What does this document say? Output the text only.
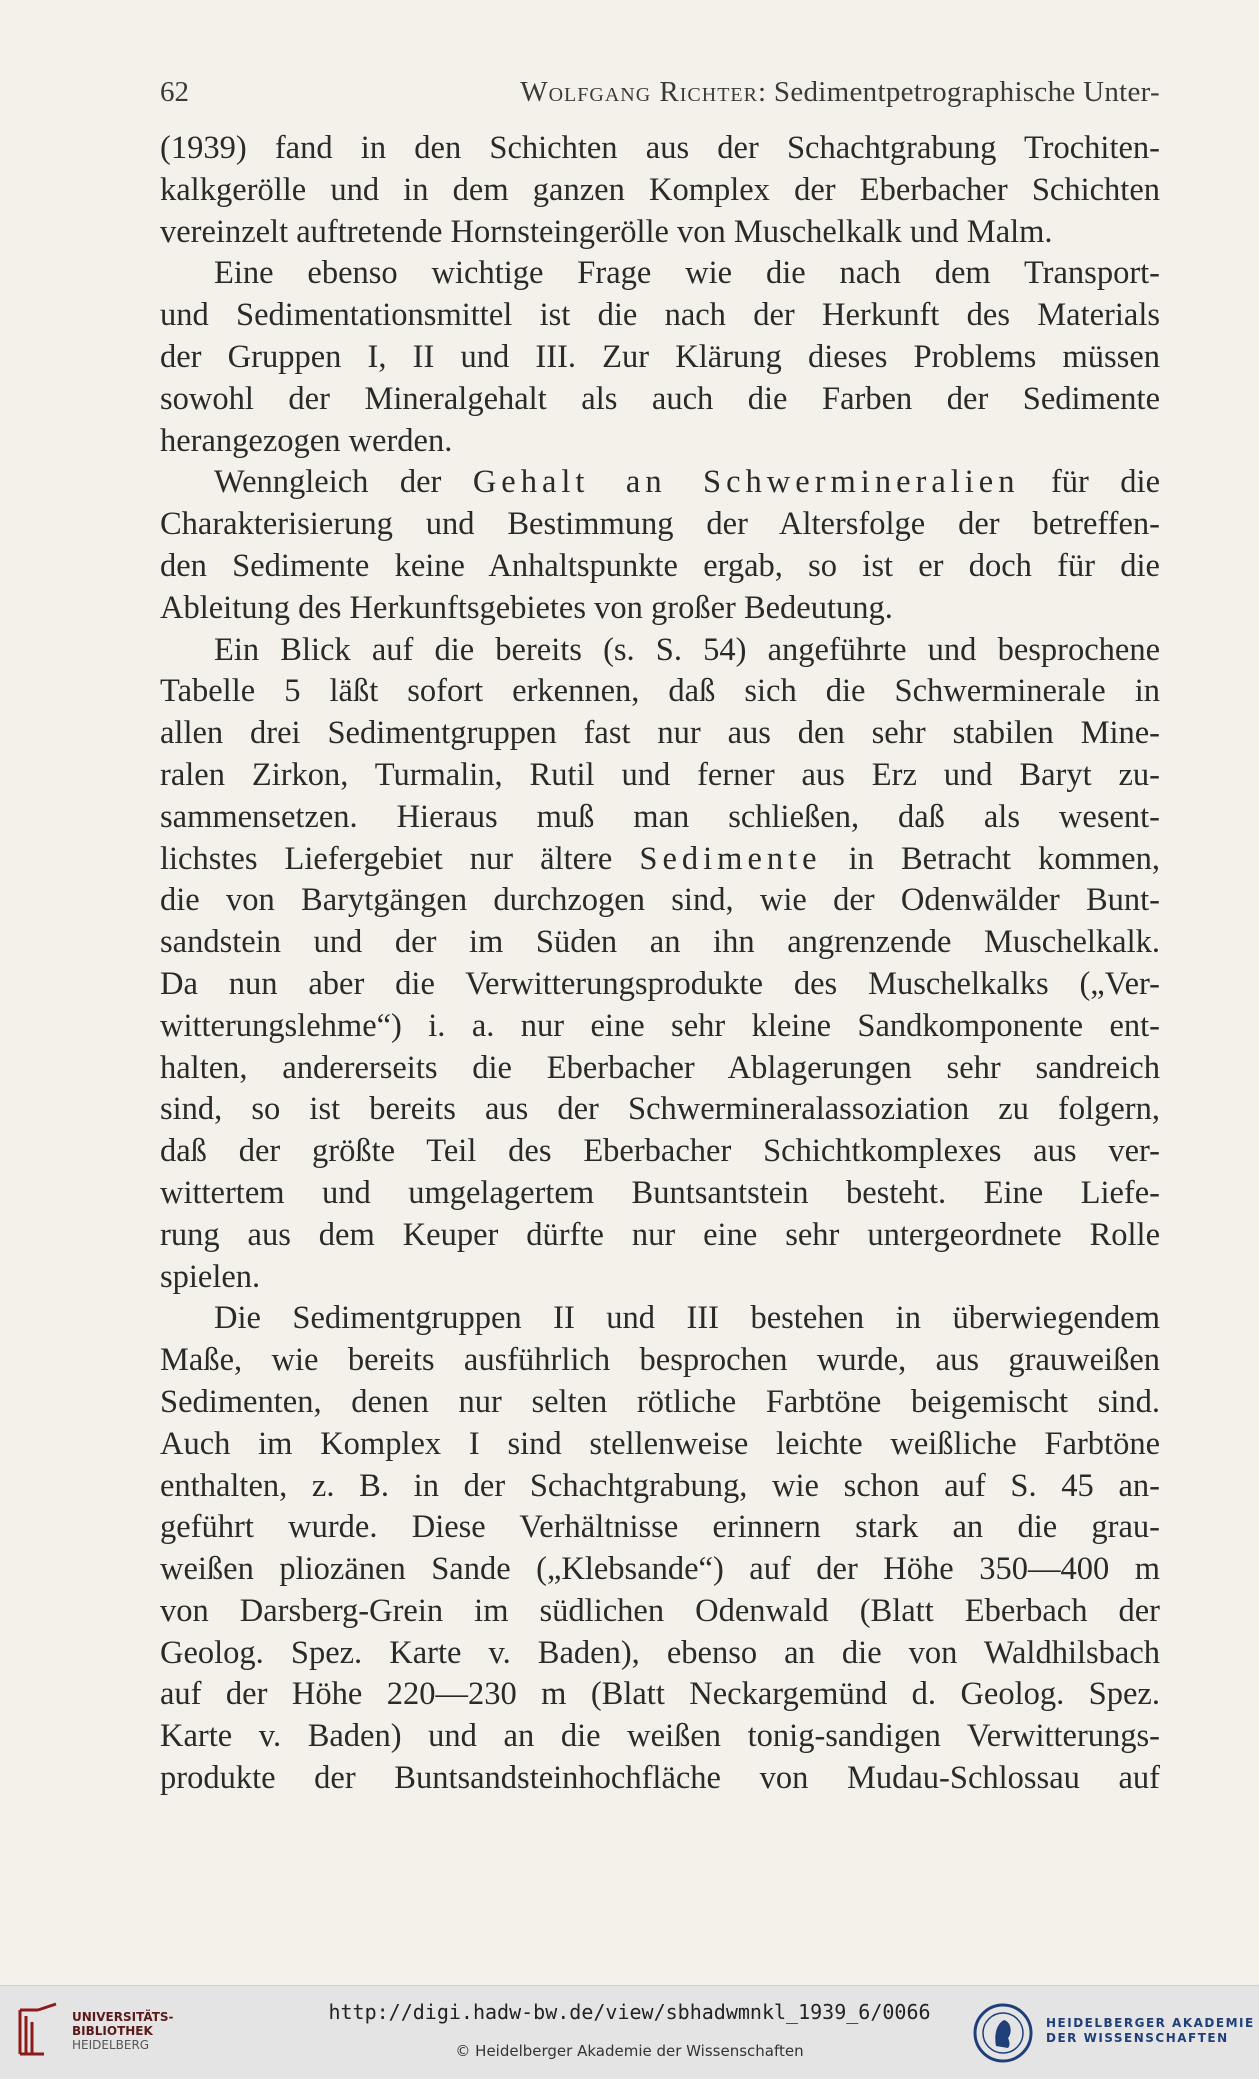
62	Wolfgang Richter: Sedimentpetrographische Unter-
(1939) fand in den Schichten aus der Schachtgrabung Trochiten-
kalkgerölle und in dem ganzen Komplex der Eberbacher Schichten
vereinzelt auftretende Hornsteingerölle von Muschelkalk und Malm.
Eine ebenso wichtige Frage wie die nach dem Transport-
und Sedimentationsmittel ist die nach der Herkunft des Materials
der Gruppen I, II und III. Zur Klärung dieses Problems müssen
sowohl der Mineralgehalt als auch die Farben der Sedimente
herangezogen werden.
Wenngleich der Gehalt an Schwermineralien für die
Charakterisierung und Bestimmung der Altersfolge der betreffen-
den Sedimente keine Anhaltspunkte ergab, so ist er doch für die
Ableitung des Herkunftsgebietes von großer Bedeutung.
Ein Blick auf die bereits (s. S. 54) angeführte und besprochene
Tabelle 5 läßt sofort erkennen, daß sich die Schwerminerale in
allen drei Sedimentgruppen fast nur aus den sehr stabilen Mine-
ralen Zirkon, Turmalin, Rutil und ferner aus Erz und Baryt zu-
sammensetzen. Hieraus muß man schließen, daß als wesent-
lichstes Liefergebiet nur ältere Sedimente in Betracht kommen,
die von Barytgängen durchzogen sind, wie der Odenwälder Bunt-
sandstein und der im Süden an ihn angrenzende Muschelkalk.
Da nun aber die Verwitterungsprodukte des Muschelkalks („Ver-
witterungslehme“) i. a. nur eine sehr kleine Sandkomponente ent-
halten, andererseits die Eberbacher Ablagerungen sehr sandreich
sind, so ist bereits aus der Schwermineralassoziation zu folgern,
daß der größte Teil des Eberbacher Schichtkomplexes aus ver-
wittertem und umgelagertem Buntsantstein besteht. Eine Liefe-
rung aus dem Keuper dürfte nur eine sehr untergeordnete Rolle
spielen.
Die Sedimentgruppen II und III bestehen in überwiegendem
Maße, wie bereits ausführlich besprochen wurde, aus grauweißen
Sedimenten, denen nur selten rötliche Farbtöne beigemischt sind.
Auch im Komplex I sind stellenweise leichte weißliche Farbtöne
enthalten, z. B. in der Schachtgrabung, wie schon auf S. 45 an-
geführt wurde. Diese Verhältnisse erinnern stark an die grau-
weißen pliozänen Sande („Klebsande“) auf der Höhe 350—400 m
von Darsberg-Grein im südlichen Odenwald (Blatt Eberbach der
Geolog. Spez. Karte v. Baden), ebenso an die von Waldhilsbach
auf der Höhe 220—230 m (Blatt Neckargemünd d. Geolog. Spez.
Karte v. Baden) und an die weißen tonig-sandigen Verwitterungs-
produkte der Buntsandsteinhochfläche von Mudau-Schlossau auf
UNIVERSITÄTS-
BIBLIOTHEK
HEIDELBERG
http://digi.hadw-bw.de/view/sbhadwmnkl_1939_6/0066
© Heidelberger Akademie der Wissenschaften
HEIDELBERGER AKADEMIE
DER WISSENSCHAFTEN
